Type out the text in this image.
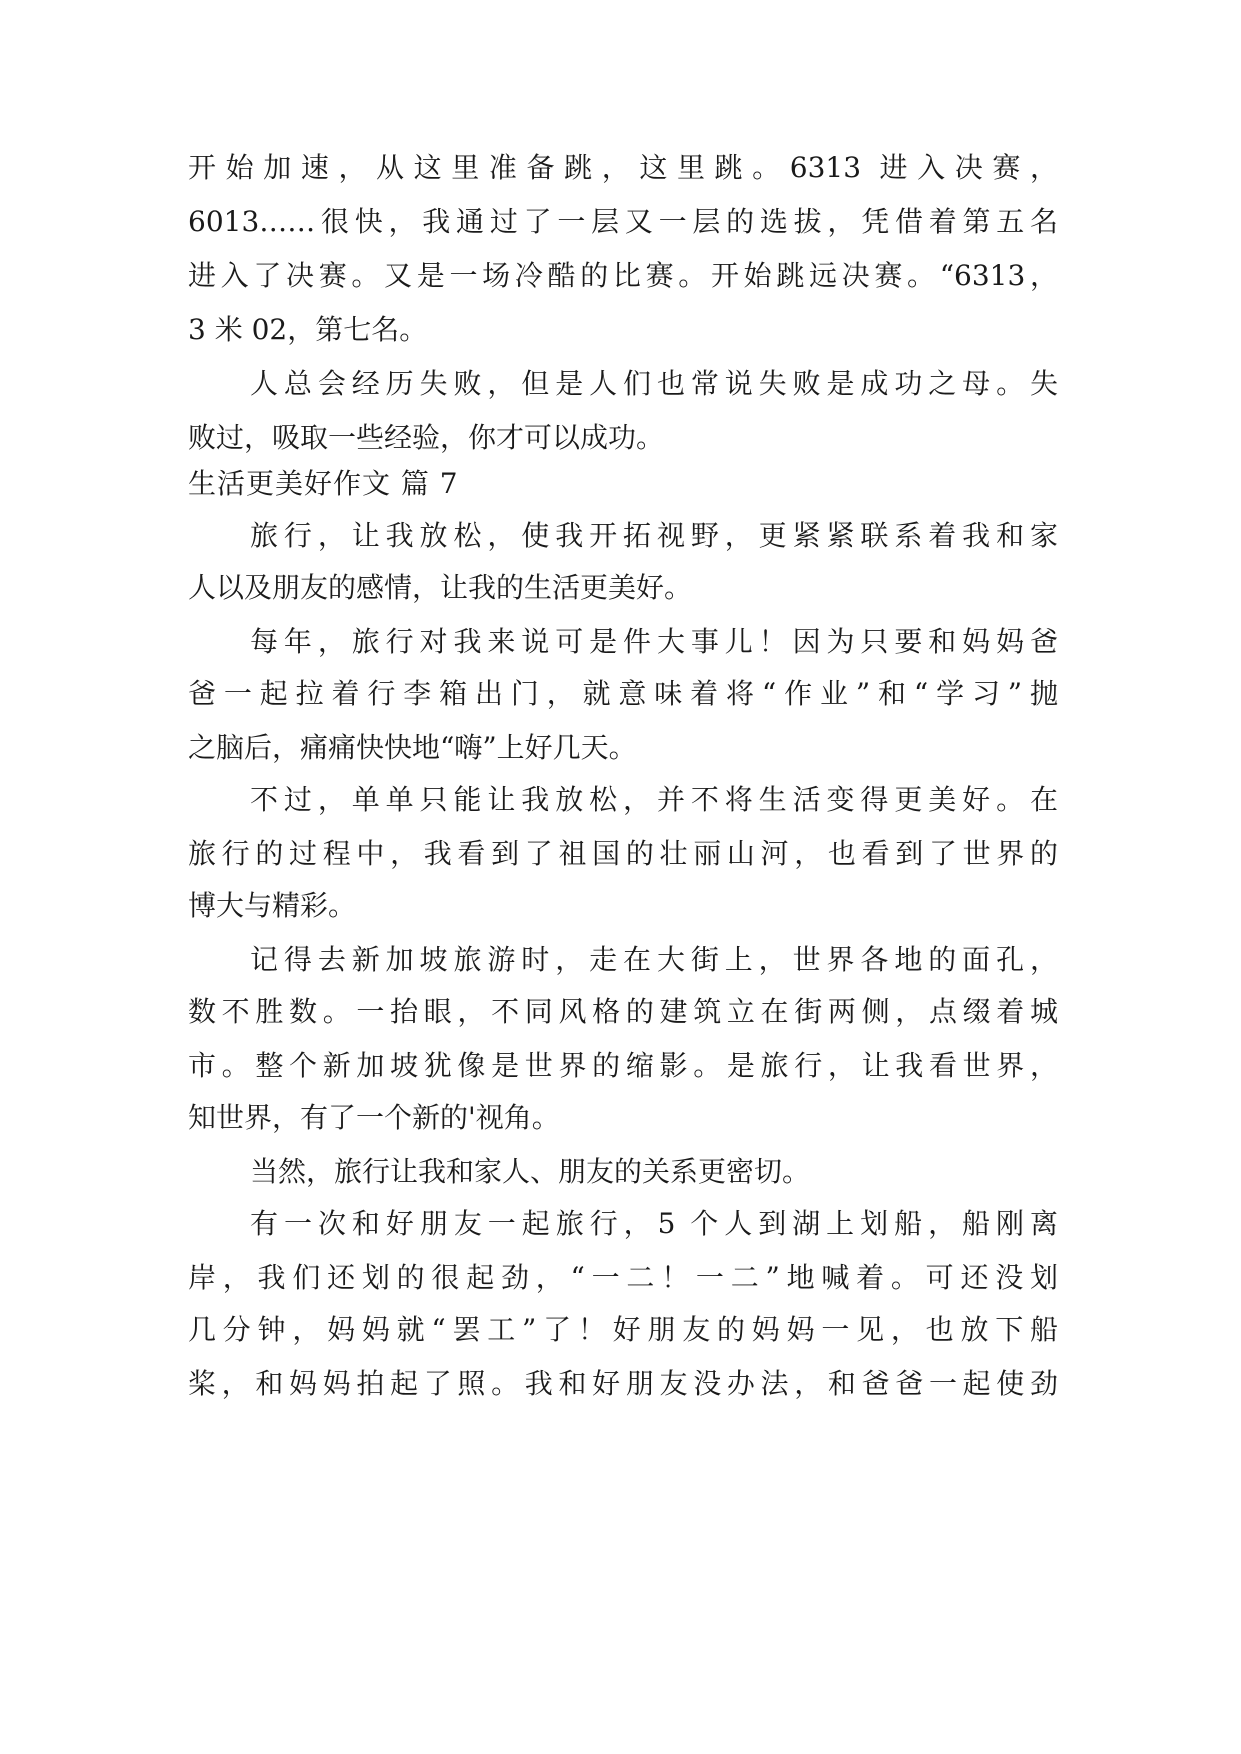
开始加速，从这里准备跳，这里跳。6313 进入决赛，
6013……很快，我通过了一层又一层的选拔，凭借着第五名
进入了决赛。又是一场冷酷的比赛。开始跳远决赛。“6313，
3 米 02，第七名。
人总会经历失败，但是人们也常说失败是成功之母。失
败过，吸取一些经验，你才可以成功。
生活更美好作文 篇 7
旅行，让我放松，使我开拓视野，更紧紧联系着我和家
人以及朋友的感情，让我的生活更美好。
每年，旅行对我来说可是件大事儿！因为只要和妈妈爸
爸一起拉着行李箱出门，就意味着将“作业”和“学习”抛
之脑后，痛痛快快地“嗨”上好几天。
不过，单单只能让我放松，并不将生活变得更美好。在
旅行的过程中，我看到了祖国的壮丽山河，也看到了世界的
博大与精彩。
记得去新加坡旅游时，走在大街上，世界各地的面孔，
数不胜数。一抬眼，不同风格的建筑立在街两侧，点缀着城
市。整个新加坡犹像是世界的缩影。是旅行，让我看世界，
知世界，有了一个新的'视角。
当然，旅行让我和家人、朋友的关系更密切。
有一次和好朋友一起旅行，5 个人到湖上划船，船刚离
岸，我们还划的很起劲，“一二！一二”地喊着。可还没划
几分钟，妈妈就“罢工”了！好朋友的妈妈一见，也放下船
桨，和妈妈拍起了照。我和好朋友没办法，和爸爸一起使劲
